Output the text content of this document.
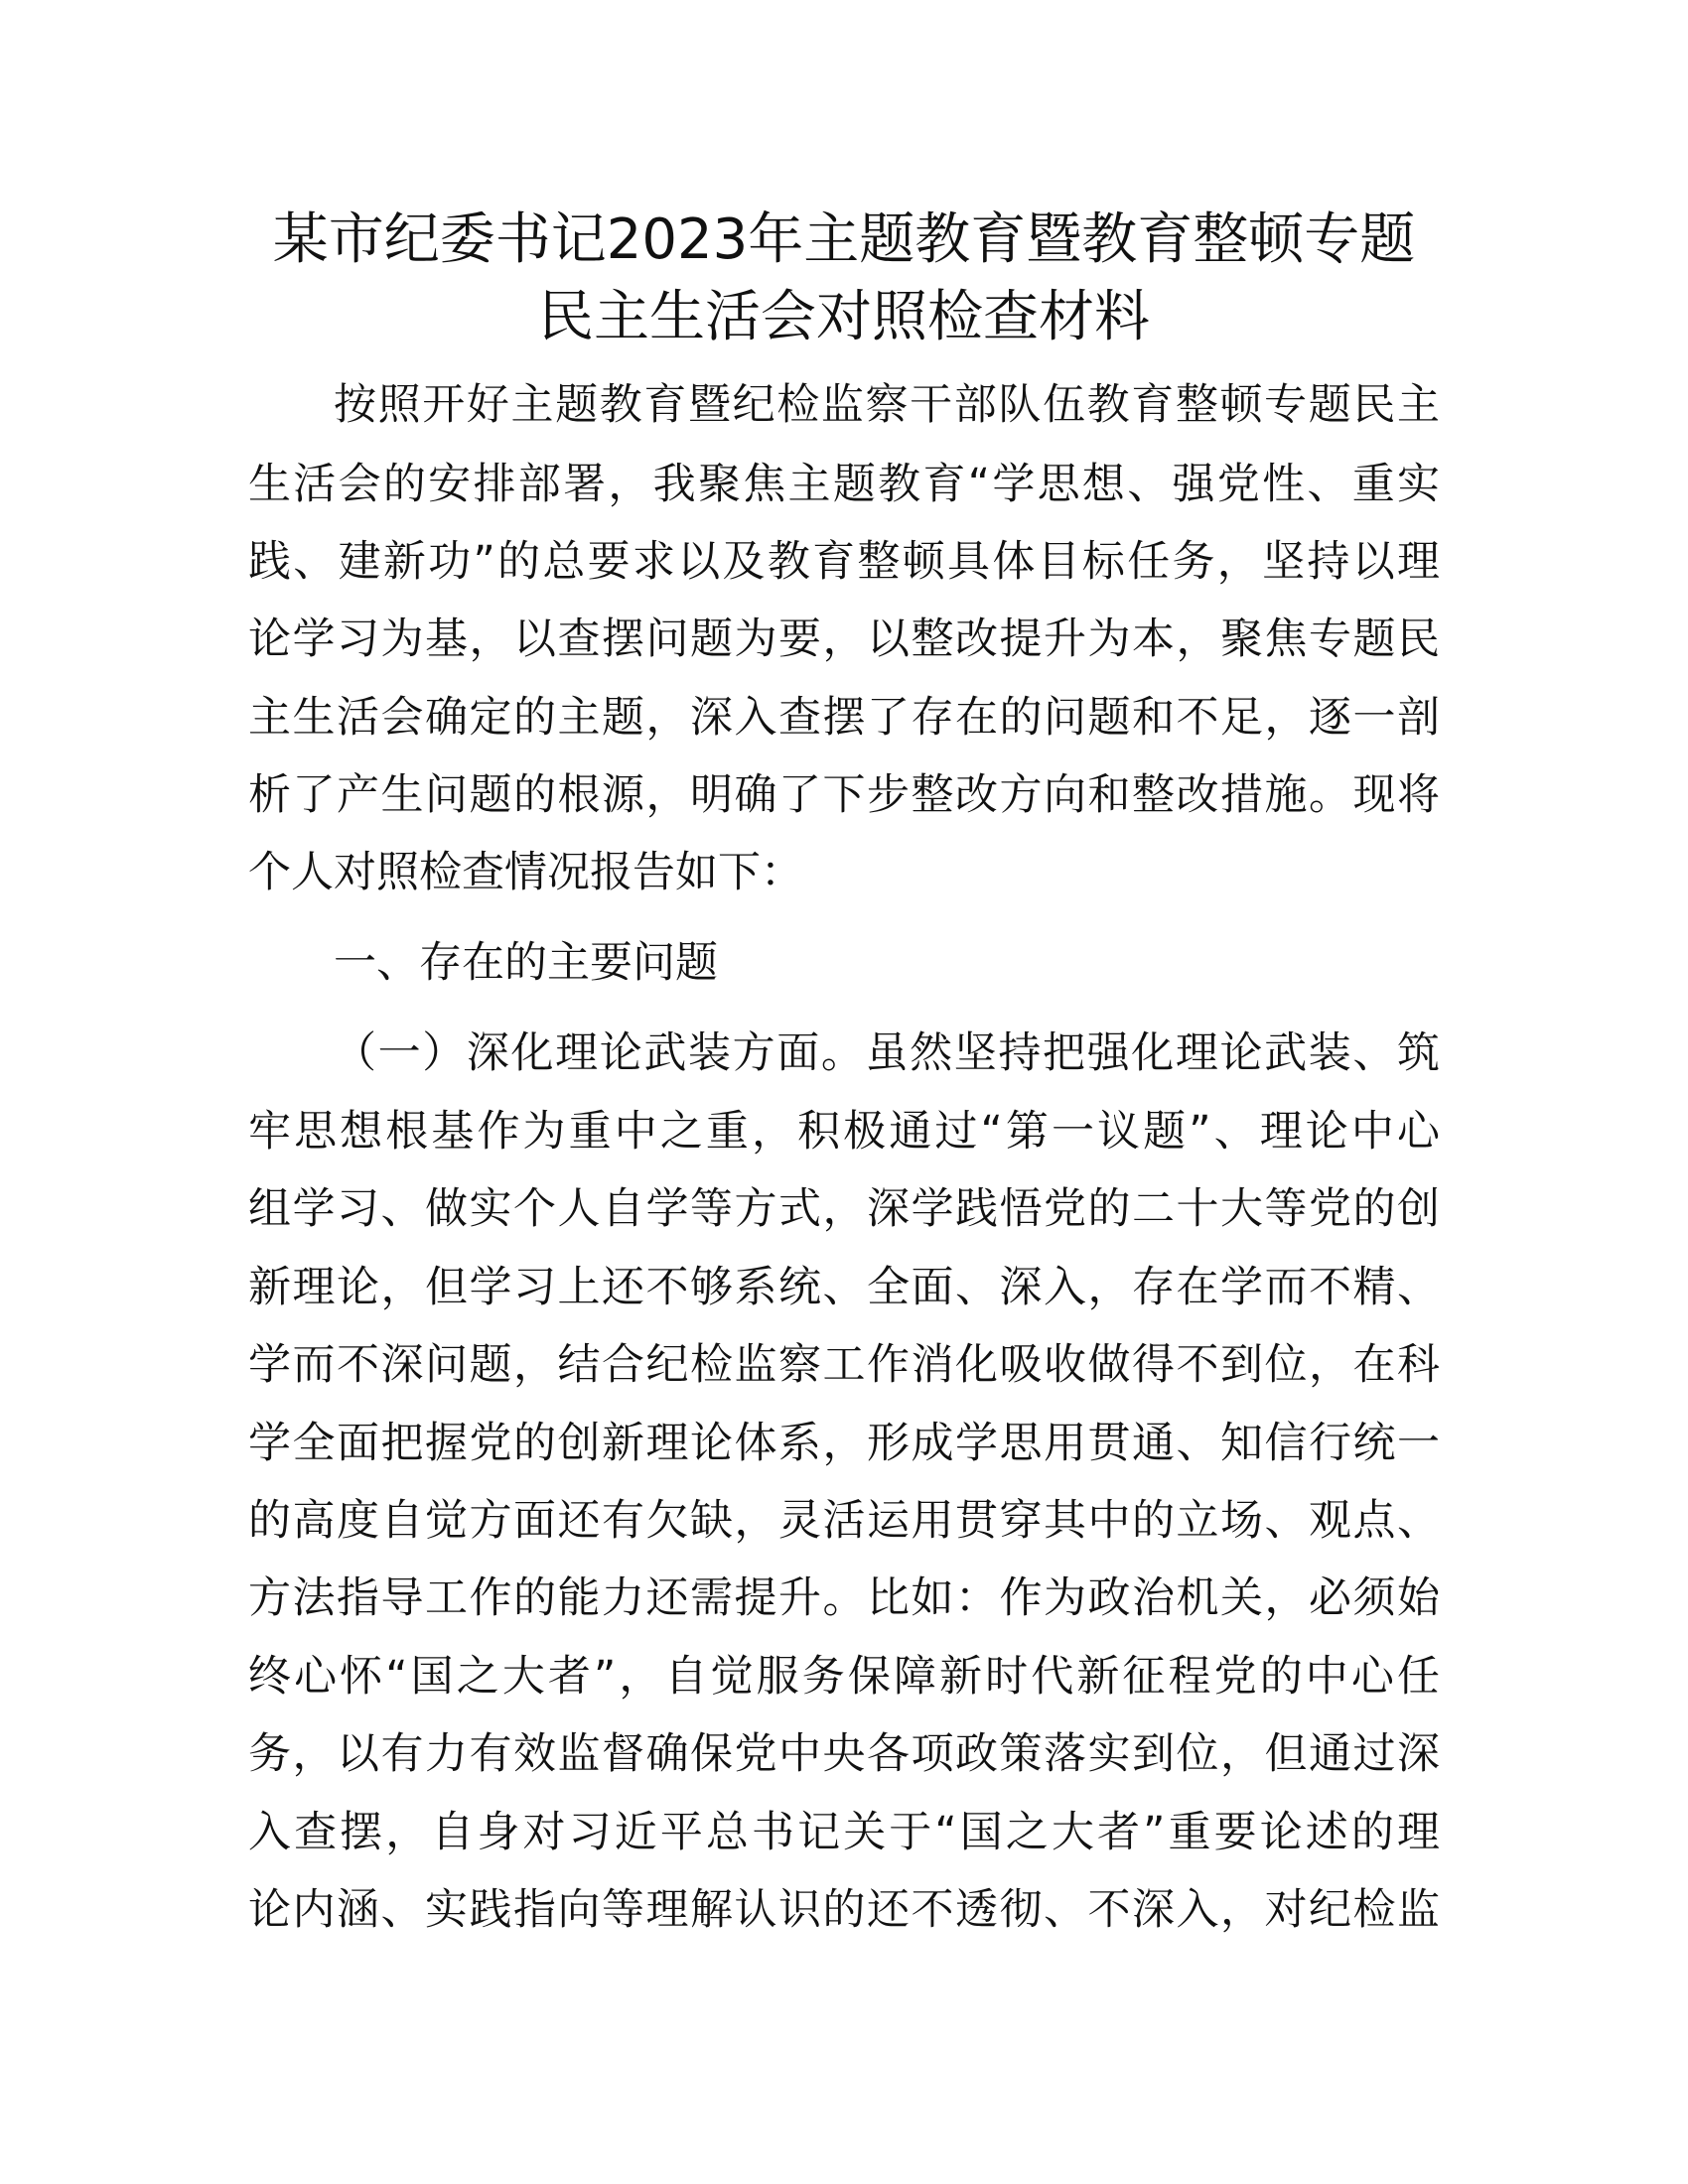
某市纪委书记2023年主题教育暨教育整顿专题
民主生活会对照检查材料

按照开好主题教育暨纪检监察干部队伍教育整顿专题民主

生活会的安排部署，我聚焦主题教育“学思想、强党性、重实

践、建新功”的总要求以及教育整顿具体目标任务，坚持以理

论学习为基，以查摆问题为要，以整改提升为本，聚焦专题民

主生活会确定的主题，深入查摆了存在的问题和不足，逐一剖

析了产生问题的根源，明确了下步整改方向和整改措施。现将

个人对照检查情况报告如下：

一、存在的主要问题

（一）深化理论武装方面。虽然坚持把强化理论武装、筑

牢思想根基作为重中之重，积极通过“第一议题”、理论中心

组学习、做实个人自学等方式，深学践悟党的二十大等党的创

新理论，但学习上还不够系统、全面、深入，存在学而不精、

学而不深问题，结合纪检监察工作消化吸收做得不到位，在科

学全面把握党的创新理论体系，形成学思用贯通、知信行统一

的高度自觉方面还有欠缺，灵活运用贯穿其中的立场、观点、

方法指导工作的能力还需提升。比如：作为政治机关，必须始

终心怀“国之大者”，自觉服务保障新时代新征程党的中心任

务，以有力有效监督确保党中央各项政策落实到位，但通过深

入查摆，自身对习近平总书记关于“国之大者”重要论述的理

论内涵、实践指向等理解认识的还不透彻、不深入，对纪检监
